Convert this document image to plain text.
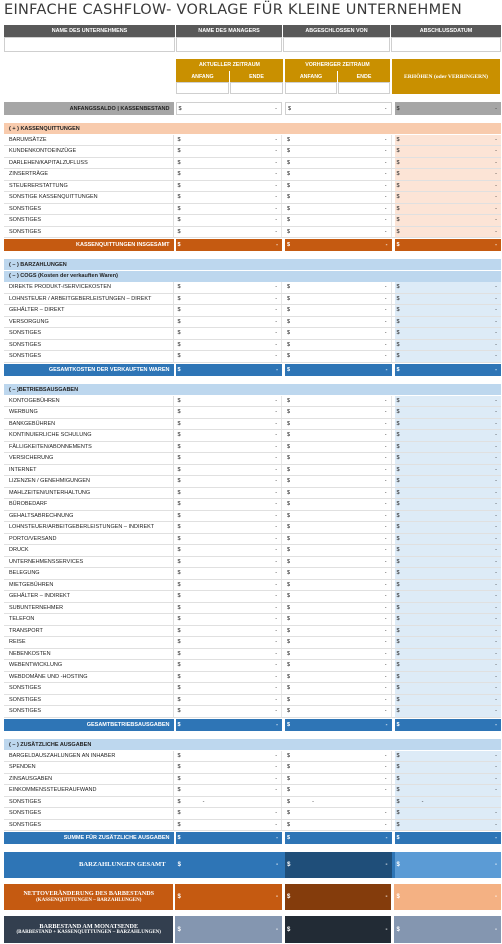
EINFACHE CASHFLOW- VORLAGE FÜR KLEINE UNTERNEHMEN
NAME DES UNTERNEHMENS	NAME DES MANAGERS	ABGESCHLOSSEN VON	ABSCHLUSSDATUM
AKTUELLER ZEITRAUM	VORHERIGER ZEITRAUM
ANFANG	ENDE	ANFANG	ENDE	ERHÖHEN (oder VERRINGERN)
ANFANGSSALDO | KASSENBESTAND	$	- $	- $	-
( + ) KASSENQUITTUNGEN
BARUMSÄTZE	$	- $	- $	-
KUNDENKONTOEINZÜGE	$	- $	- $	-
DARLEHEN/KAPITALZUFLUSS	$	- $	- $	-
ZINSERTRÄGE	$	- $	- $	-
STEUERERSTATTUNG	$	- $	- $	-
SONSTIGE KASSENQUITTUNGEN	$	- $	- $	-
SONSTIGES	$	- $	- $	-
SONSTIGES	$	- $	- $	-
SONSTIGES	$	- $	- $	-
KASSENQUITTUNGEN INSGESAMT	$	- $	- $	-
( – ) BARZAHLUNGEN
( – ) COGS (Kosten der verkauften Waren)
DIREKTE PRODUKT-/SERVICEKOSTEN	$	- $	- $	-
LOHNSTEUER / ARBEITGEBERLEISTUNGEN – DIREKT	$	- $	- $	-
GEHÄLTER – DIREKT	$	- $	- $	-
VERSORGUNG	$	- $	- $	-
SONSTIGES	$	- $	- $	-
SONSTIGES	$	- $	- $	-
SONSTIGES	$	- $	- $	-
GESAMTKOSTEN DER VERKAUFTEN WAREN	$	- $	- $	-
( – )BETRIEBSAUSGABEN
KONTOGEBÜHREN	$	- $	- $	-
WERBUNG	$	- $	- $	-
BANKGEBÜHREN	$	- $	- $	-
KONTINUIERLICHE SCHULUNG	$	- $	- $	-
FÄLLIGKEITEN/ABONNEMENTS	$	- $	- $	-
VERSICHERUNG	$	- $	- $	-
INTERNET	$	- $	- $	-
LIZENZEN / GENEHMIGUNGEN	$	- $	- $	-
MAHLZEITEN/UNTERHALTUNG	$	- $	- $	-
BÜROBEDARF	$	- $	- $	-
GEHALTSABRECHNUNG	$	- $	- $	-
LOHNSTEUER/ARBEITGEBERLEISTUNGEN – INDIREKT	$	- $	- $	-
PORTO/VERSAND	$	- $	- $	-
DRUCK	$	- $	- $	-
UNTERNEHMENSSERVICES	$	- $	- $	-
BELEGUNG	$	- $	- $	-
MIETGEBÜHREN	$	- $	- $	-
GEHÄLTER – INDIREKT	$	- $	- $	-
SUBUNTERNEHMER	$	- $	- $	-
TELEFON	$	- $	- $	-
TRANSPORT	$	- $	- $	-
REISE	$	- $	- $	-
NEBENKOSTEN	$	- $	- $	-
WEBENTWICKLUNG	$	- $	- $	-
WEBDOMÄNE UND -HOSTING	$	- $	- $	-
SONSTIGES	$	- $	- $	-
SONSTIGES	$	- $	- $	-
SONSTIGES	$	- $	- $	-
GESAMTBETRIEBSAUSGABEN	$	- $	- $	-
( – ) ZUSÄTZLICHE AUSGABEN
BARGELDAUSZAHLUNGEN AN INHABER	$	- $	- $	-
SPENDEN	$	- $	- $	-
ZINSAUSGABEN	$	- $	- $	-
EINKOMMENSSTEUERAUFWAND	$	- $	- $	-
SONSTIGES	$	-	$	-	$	-
SONSTIGES	$	- $	- $	-
SONSTIGES	$	- $	- $	-
SUMME FÜR ZUSÄTZLICHE AUSGABEN	$	- $	- $	-
BARZAHLUNGEN GESAMT	$	- $	- $	-
NETTOVERÄNDERUNG DES BARBESTANDS
(KASSENQUITTUNGEN – BARZAHLUNGEN)
$	- $	- $	-
BARBESTAND AM MONATSENDE
(BARBESTAND + KASSENQUITTUNGEN – BARZAHLUNGEN)
$	- $	- $	-
